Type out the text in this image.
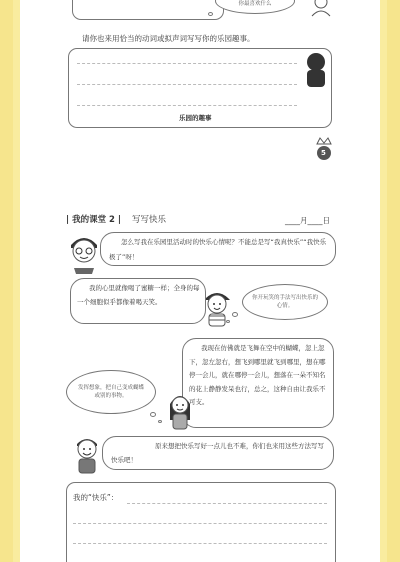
你最喜欢什么
请你也来用恰当的动词或拟声词写写你的乐园趣事。
乐园的趣事
5
| 我的课堂 2 | 写写快乐	____月____日
怎么写我在乐园里活动时的快乐心情呢？不能总是写“我真快乐”“我快乐极了”呀！
我的心里就像喝了蜜糖一样；全身的每一个细胞似乎都像着喝天笑。	你开玩笑的手法写出快乐的心情。
我现在仿佛就是飞舞在空中的蝴蝶，忽上忽下，忽左忽右，想飞到哪里就飞到哪里，想在哪停一会儿，就在哪停一会儿，想落在一朵不知名的花上静静发呆也行，总之，这种自由让我乐不可支。
发挥想象，把自己变成蝴蝶或别的事物。
原来想把快乐写好一点儿也不难，你们也来用这些方法写写快乐吧！
我的“快乐”：
